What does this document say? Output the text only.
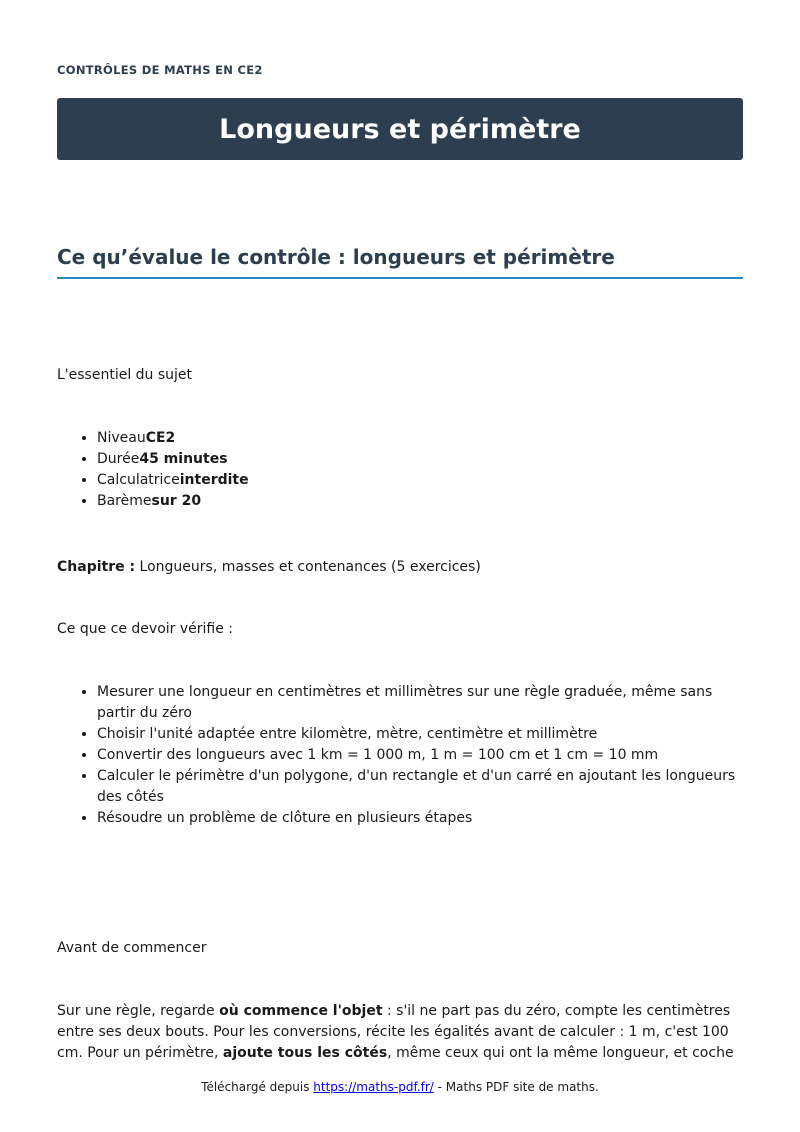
CONTRÔLES DE MATHS EN CE2
Longueurs et périmètre
Ce qu’évalue le contrôle : longueurs et périmètre

L'essentiel du sujet

• NiveauCE2
• Durée45 minutes
• Calculatriceinterdite
• Barèmesur 20

Chapitre : Longueurs, masses et contenances (5 exercices)

Ce que ce devoir vérifie :

• Mesurer une longueur en centimètres et millimètres sur une règle graduée, même sans partir du zéro
• Choisir l'unité adaptée entre kilomètre, mètre, centimètre et millimètre
• Convertir des longueurs avec 1 km = 1 000 m, 1 m = 100 cm et 1 cm = 10 mm
• Calculer le périmètre d'un polygone, d'un rectangle et d'un carré en ajoutant les longueurs des côtés
• Résoudre un problème de clôture en plusieurs étapes

Avant de commencer

Sur une règle, regarde où commence l'objet : s'il ne part pas du zéro, compte les centimètres entre ses deux bouts. Pour les conversions, récite les égalités avant de calculer : 1 m, c'est 100 cm. Pour un périmètre, ajoute tous les côtés, même ceux qui ont la même longueur, et coche

Téléchargé depuis https://maths-pdf.fr/ - Maths PDF site de maths.
